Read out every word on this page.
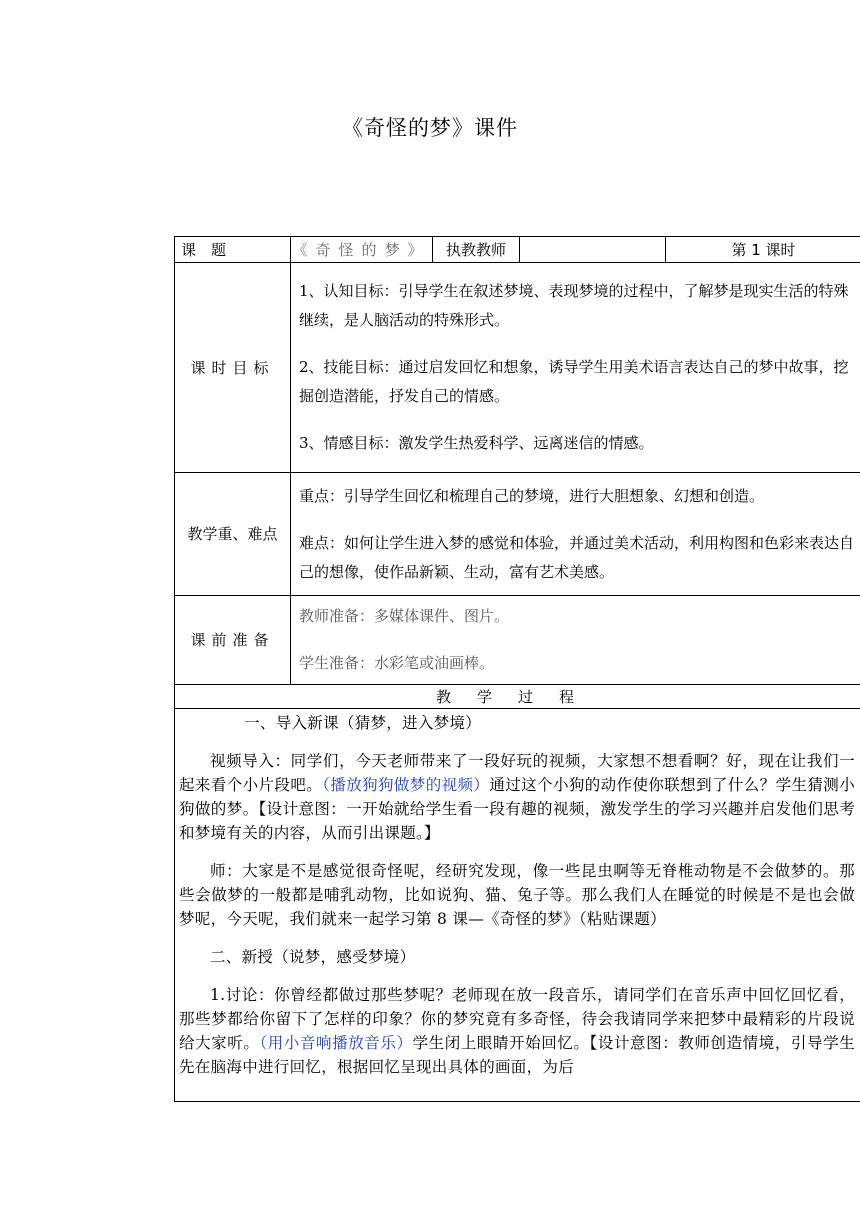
《奇怪的梦》课件
课　题	《奇怪的梦》	执教教师		第 1 课时
课时目标	1、认知目标：引导学生在叙述梦境、表现梦境的过程中，了解梦是现实生活的特殊继续，是人脑活动的特殊形式。

2、技能目标：通过启发回忆和想象，诱导学生用美术语言表达自己的梦中故事，挖掘创造潜能，抒发自己的情感。

3、情感目标：激发学生热爱科学、远离迷信的情感。			

教学重、难点	重点：引导学生回忆和梳理自己的梦境，进行大胆想象、幻想和创造。

难点：如何让学生进入梦的感觉和体验，并通过美术活动，利用构图和色彩来表达自己的想像，使作品新颖、生动，富有艺术美感。			

课前准备	教师准备：多媒体课件、图片。

学生准备：水彩笔或油画棒。			

教学过程				

一、导入新课（猜梦，进入梦境）

视频导入：同学们，今天老师带来了一段好玩的视频，大家想不想看啊？好，现在让我们一起来看个小片段吧。（播放狗狗做梦的视频）通过这个小狗的动作使你联想到了什么？学生猜测小狗做的梦。【设计意图：一开始就给学生看一段有趣的视频，激发学生的学习兴趣并启发他们思考和梦境有关的内容，从而引出课题。】

师：大家是不是感觉很奇怪呢，经研究发现，像一些昆虫啊等无脊椎动物是不会做梦的。那些会做梦的一般都是哺乳动物，比如说狗、猫、兔子等。那么我们人在睡觉的时候是不是也会做梦呢，今天呢，我们就来一起学习第 8 课—《奇怪的梦》（粘贴课题）

二、新授（说梦，感受梦境）

1.讨论：你曾经都做过那些梦呢？老师现在放一段音乐，请同学们在音乐声中回忆回忆看，那些梦都给你留下了怎样的印象？你的梦究竟有多奇怪，待会我请同学来把梦中最精彩的片段说给大家听。（用小音响播放音乐）学生闭上眼睛开始回忆。【设计意图：教师创造情境，引导学生先在脑海中进行回忆，根据回忆呈现出具体的画面，为后				
